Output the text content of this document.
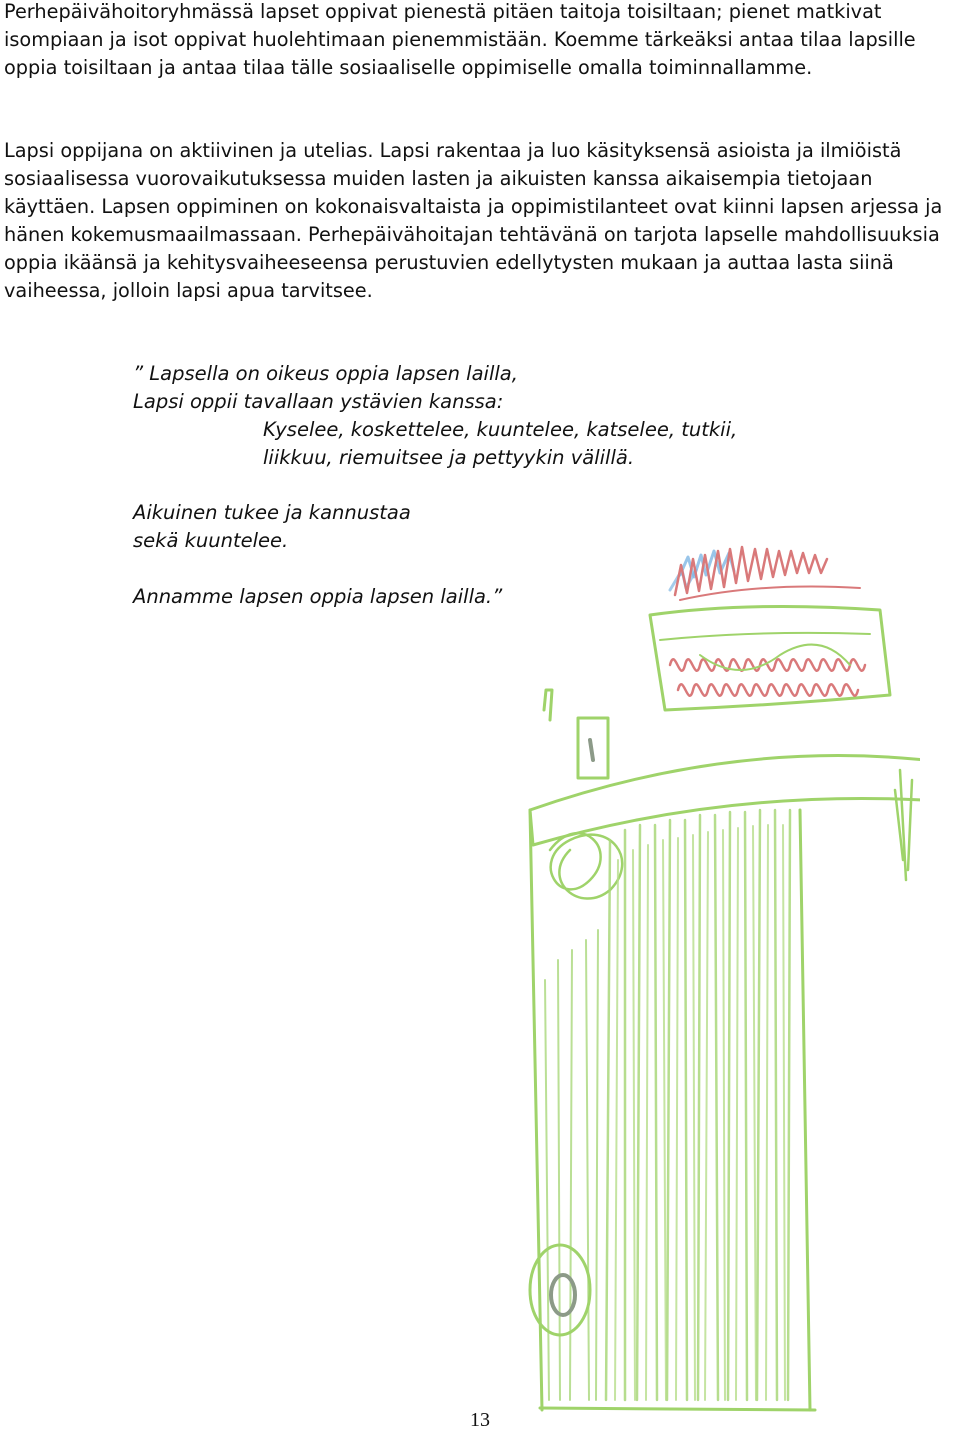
Perhepäivähoitoryhmässä lapset oppivat pienestä pitäen taitoja toisiltaan; pienet matkivat isompiaan ja isot oppivat huolehtimaan pienemmistään. Koemme tärkeäksi antaa tilaa lapsille oppia toisiltaan ja antaa tilaa tälle sosiaaliselle oppimiselle omalla toiminnallamme.

Lapsi oppijana on aktiivinen ja utelias. Lapsi rakentaa ja luo käsityksensä asioista ja ilmiöistä sosiaalisessa vuorovaikutuksessa muiden lasten ja aikuisten kanssa aikaisempia tietojaan käyttäen. Lapsen oppiminen on kokonaisvaltaista ja oppimistilanteet ovat kiinni lapsen arjessa ja hänen kokemusmaailmassaan. Perhepäivähoitajan tehtävänä on tarjota lapselle mahdollisuuksia oppia ikäänsä ja kehitysvaiheeseensa perustuvien edellytysten mukaan ja auttaa lasta siinä vaiheessa, jolloin lapsi apua tarvitsee.

” Lapsella on oikeus oppia lapsen lailla,

Lapsi oppii tavallaan ystävien kanssa:

Kyselee, koskettelee, kuuntelee, katselee, tutkii,

liikkuu, riemuitsee ja pettyykin välillä.

Aikuinen tukee ja kannustaa

sekä kuuntelee.

Annamme lapsen oppia lapsen lailla.”

13
